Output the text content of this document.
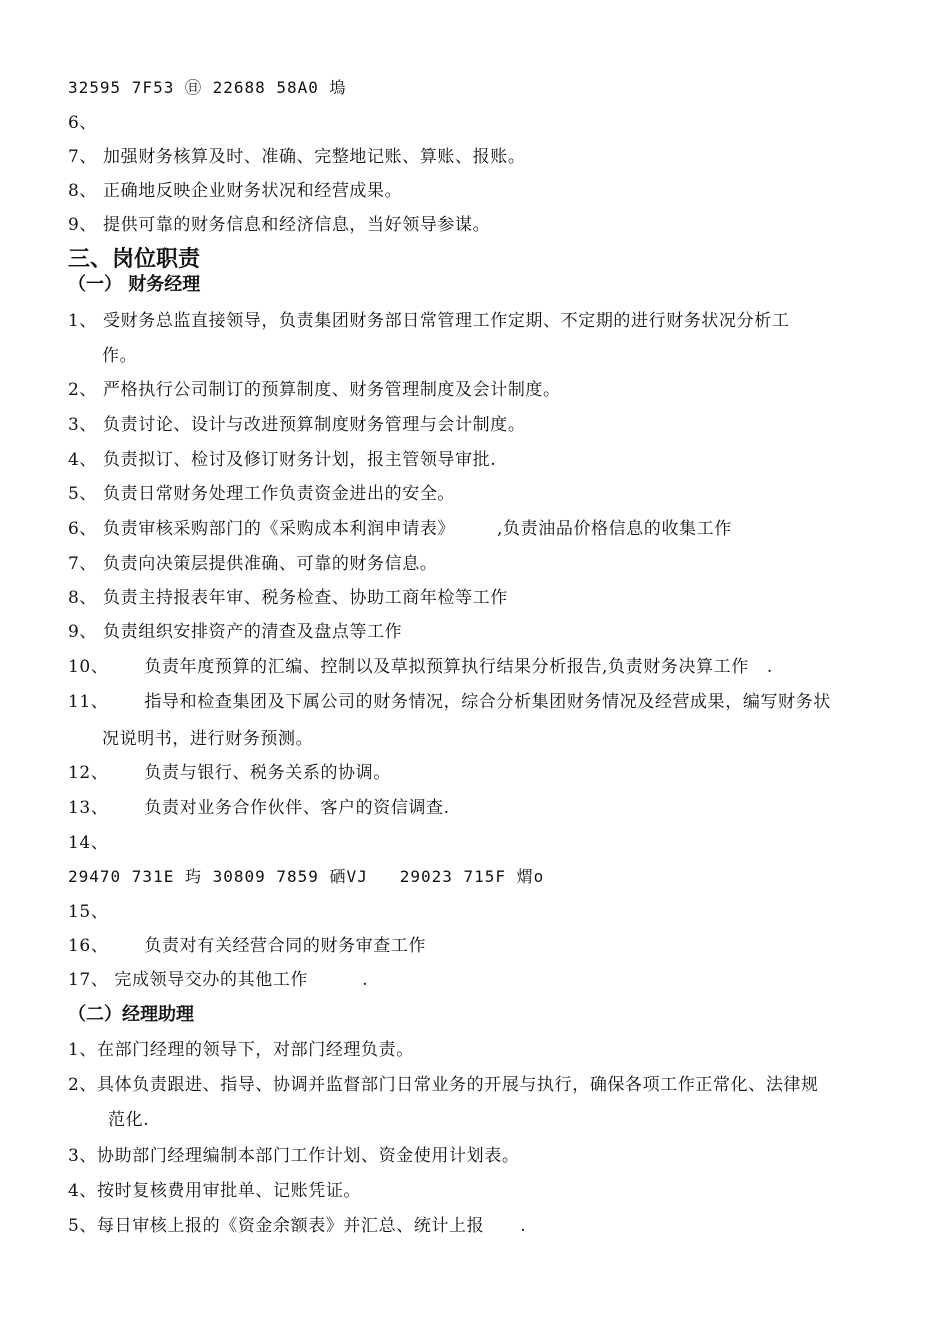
32595 7F53 ㊐ 22688 58A0 塢
6、
7、 加强财务核算及时、准确、完整地记账、算账、报账。
8、 正确地反映企业财务状况和经营成果。
9、 提供可靠的财务信息和经济信息，当好领导参谋。
三、岗位职责
（一） 财务经理
1、 受财务总监直接领导，负责集团财务部日常管理工作定期、不定期的进行财务状况分析工
作。
2、 严格执行公司制订的预算制度、财务管理制度及会计制度。
3、 负责讨论、设计与改进预算制度财务管理与会计制度。
4、 负责拟订、检讨及修订财务计划，报主管领导审批.
5、 负责日常财务处理工作负责资金进出的安全。
6、 负责审核采购部门的《采购成本利润申请表》       ,负责油品价格信息的收集工作
7、 负责向决策层提供准确、可靠的财务信息。
8、 负责主持报表年审、税务检查、协助工商年检等工作
9、 负责组织安排资产的清查及盘点等工作
10、      负责年度预算的汇编、控制以及草拟预算执行结果分析报告,负责财务决算工作   .
11、      指导和检查集团及下属公司的财务情况，综合分析集团财务情况及经营成果，编写财务状
况说明书，进行财务预测。
12、      负责与银行、税务关系的协调。
13、      负责对业务合作伙伴、客户的资信调查.
14、
29470 731E 玙 30809 7859 硒VJ   29023 715F 煟o
15、
16、      负责对有关经营合同的财务审查工作
17、 完成领导交办的其他工作         .
（二）经理助理
1、在部门经理的领导下，对部门经理负责。
2、具体负责跟进、指导、协调并监督部门日常业务的开展与执行，确保各项工作正常化、法律规
范化.
3、协助部门经理编制本部门工作计划、资金使用计划表。
4、按时复核费用审批单、记账凭证。
5、每日审核上报的《资金余额表》并汇总、统计上报      .
